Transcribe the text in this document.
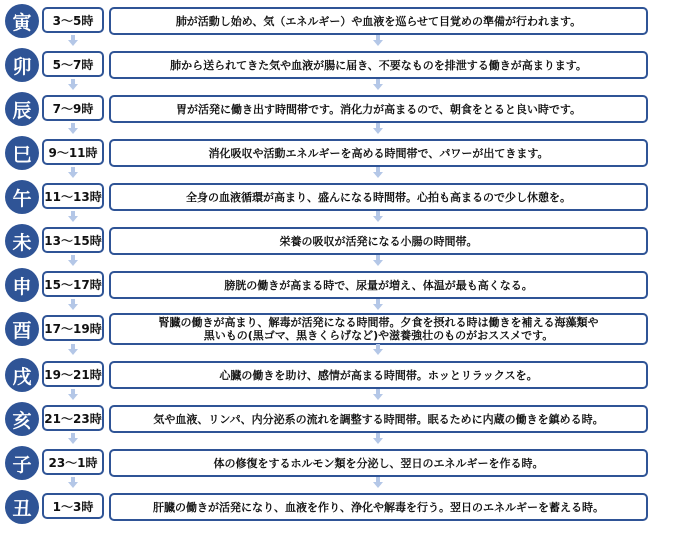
寅	3～5時	肺が活動し始め、気（エネルギー）や血液を巡らせて目覚めの準備が行われます。
卯	5～7時	肺から送られてきた気や血液が腸に届き、不要なものを排泄する働きが高まります。
辰	7～9時	胃が活発に働き出す時間帯です。消化力が高まるので、朝食をとると良い時です。
巳	9～11時	消化吸収や活動エネルギーを高める時間帯で、パワーが出てきます。
午	11～13時	全身の血液循環が高まり、盛んになる時間帯。心拍も高まるので少し休憩を。
未	13～15時	栄養の吸収が活発になる小腸の時間帯。
申	15～17時	膀胱の働きが高まる時で、尿量が増え、体温が最も高くなる。
酉	17～19時	腎臓の働きが高まり、解毒が活発になる時間帯。夕食を摂れる時は働きを補える海藻類や
黒いもの(黒ゴマ、黒きくらげなど)や滋養強壮のものがおススメです。
戌	19～21時	心臓の働きを助け、感情が高まる時間帯。ホッとリラックスを。
亥	21～23時	気や血液、リンパ、内分泌系の流れを調整する時間帯。眠るために内蔵の働きを鎮める時。
子	23～1時	体の修復をするホルモン類を分泌し、翌日のエネルギーを作る時。
丑	1～3時	肝臓の働きが活発になり、血液を作り、浄化や解毒を行う。翌日のエネルギーを蓄える時。
